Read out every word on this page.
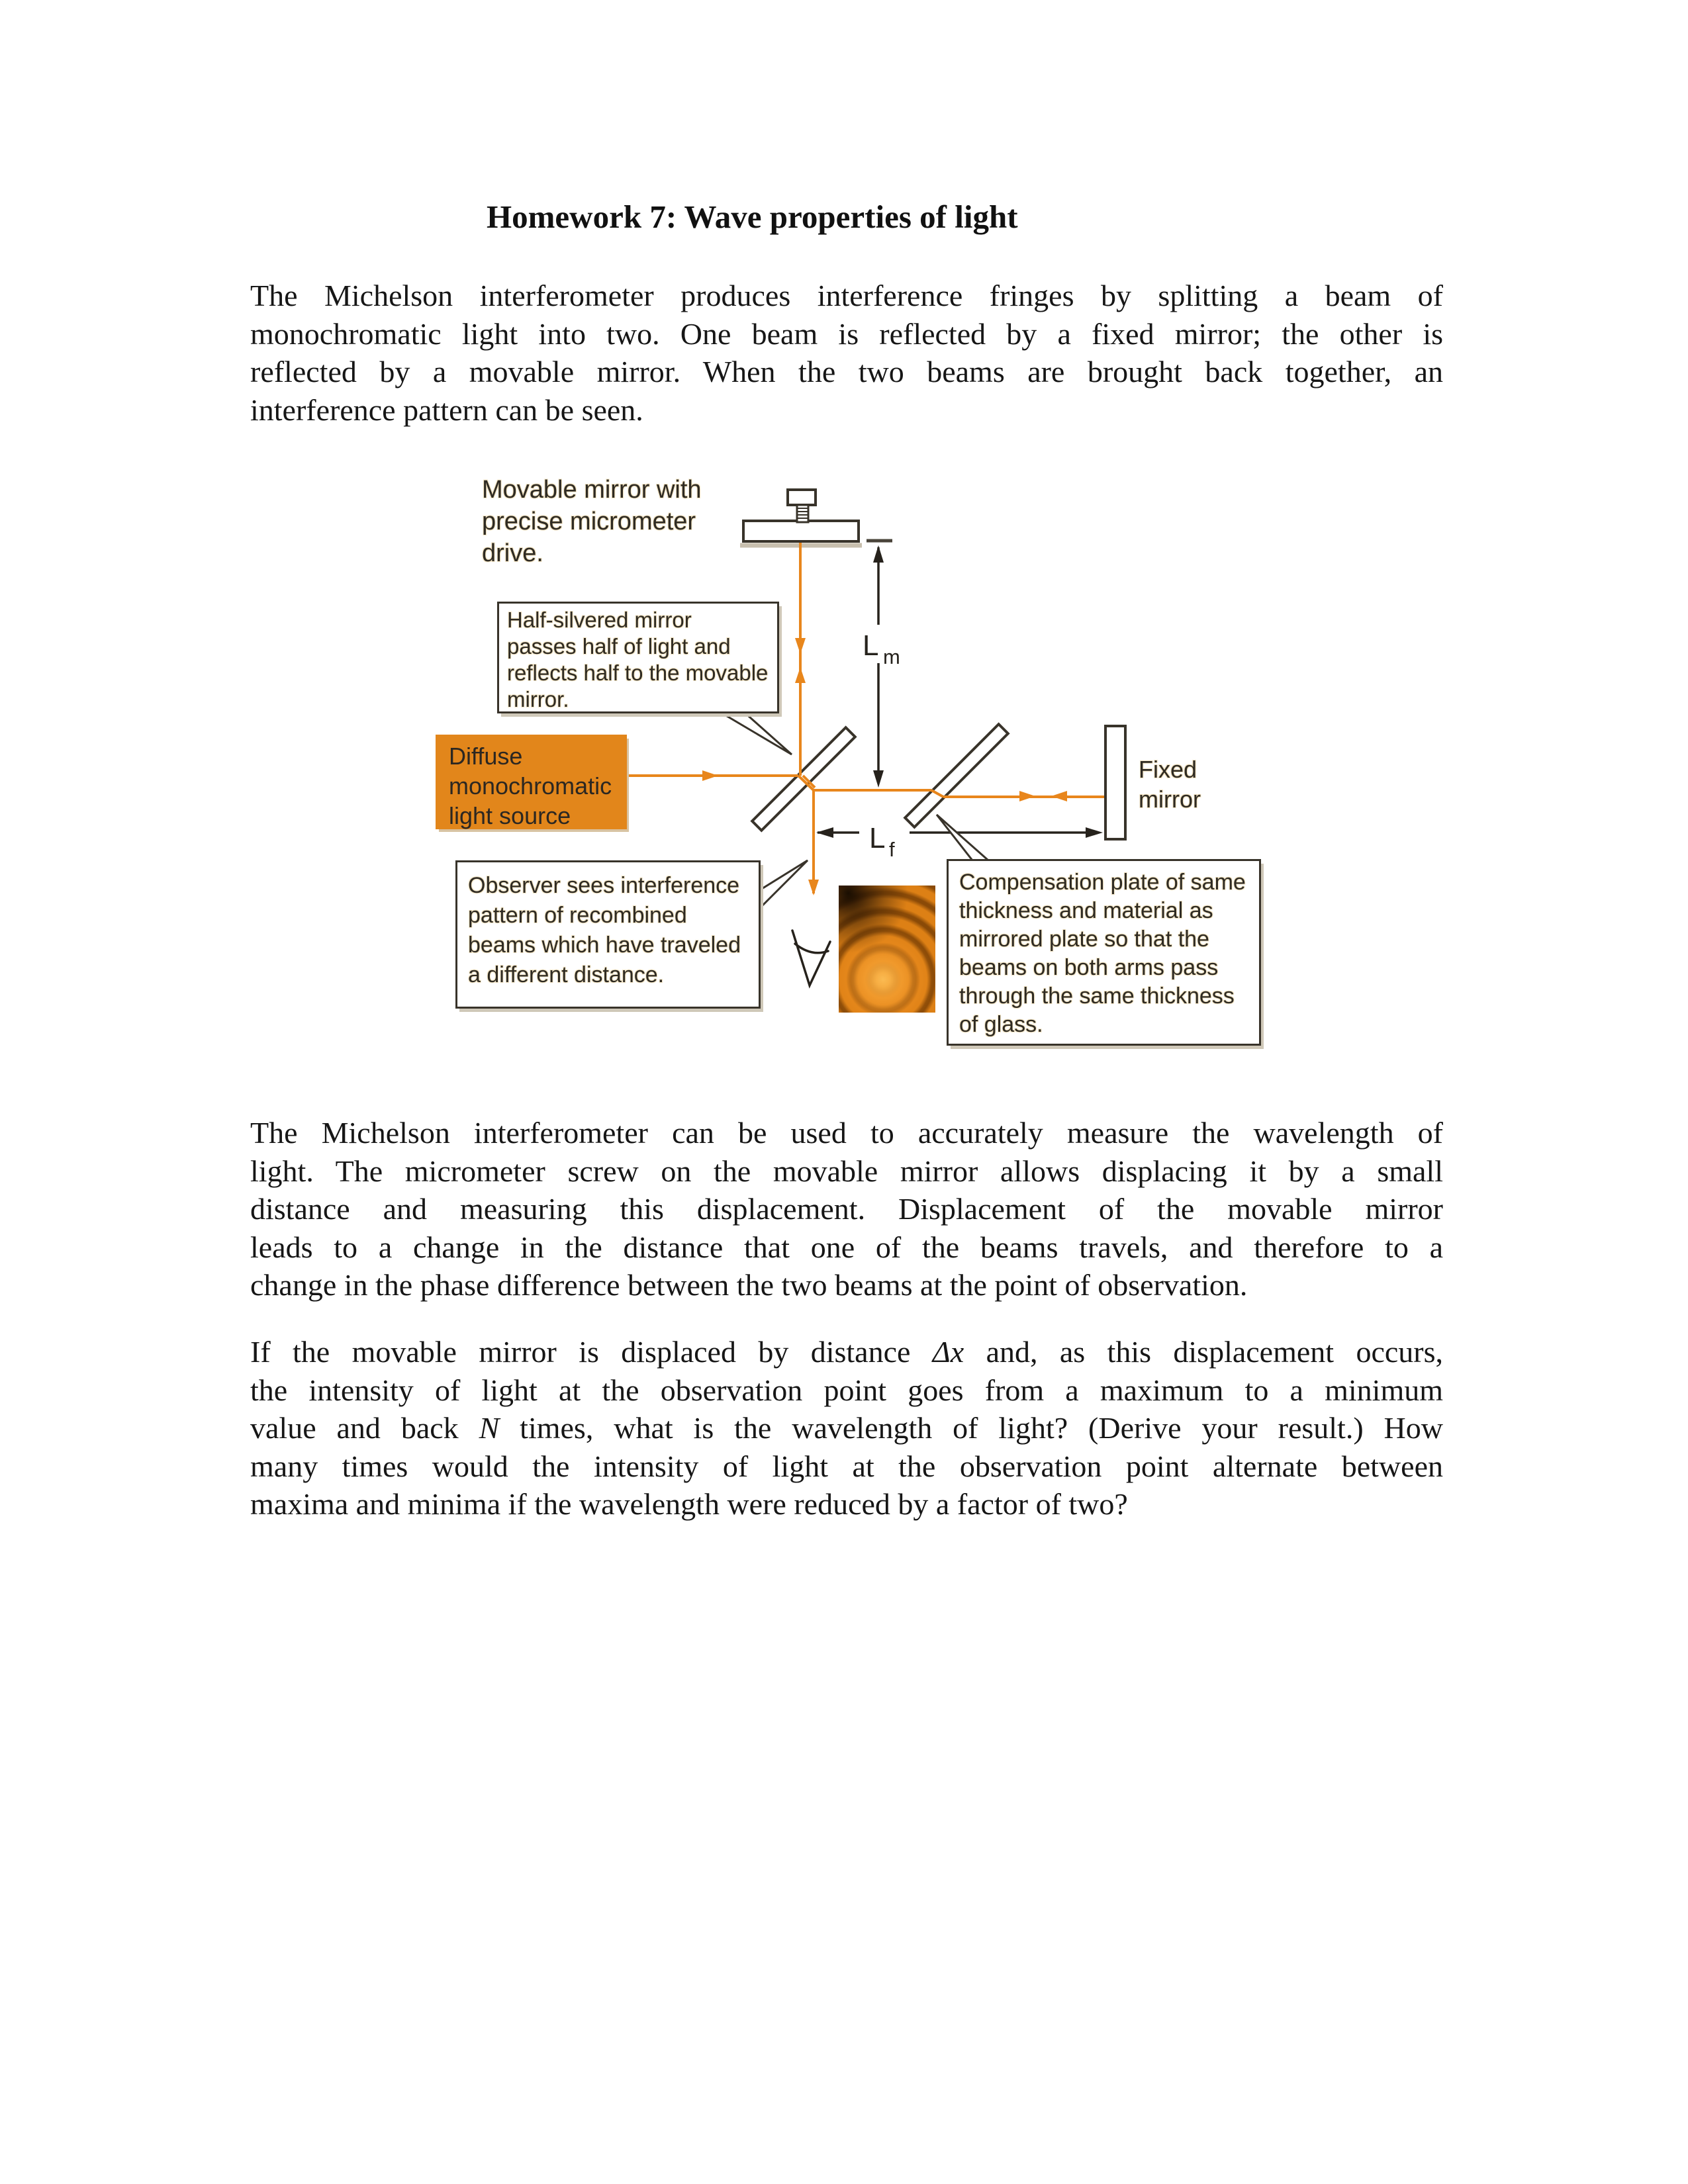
Homework 7: Wave properties of light
The Michelson interferometer produces interference fringes by splitting a beam of
monochromatic light into two. One beam is reflected by a fixed mirror; the other is
reflected by a movable mirror. When the two beams are brought back together, an
interference pattern can be seen.
L m
L f
Movable mirror with
precise micrometer
drive.
Half-silvered mirror
passes half of light and
reflects half to the movable
mirror.
Diffuse
monochromatic
light source
Fixed
mirror
Observer sees interference
pattern of recombined
beams which have traveled
a different distance.
Compensation plate of same
thickness and material as
mirrored plate so that the
beams on both arms pass
through the same thickness
of glass.
The Michelson interferometer can be used to accurately measure the wavelength of
light. The micrometer screw on the movable mirror allows displacing it by a small
distance and measuring this displacement. Displacement of the movable mirror
leads to a change in the distance that one of the beams travels, and therefore to a
change in the phase difference between the two beams at the point of observation.
If the movable mirror is displaced by distance Δx and, as this displacement occurs,
the intensity of light at the observation point goes from a maximum to a minimum
value and back N times, what is the wavelength of light? (Derive your result.) How
many times would the intensity of light at the observation point alternate between
maxima and minima if the wavelength were reduced by a factor of two?
